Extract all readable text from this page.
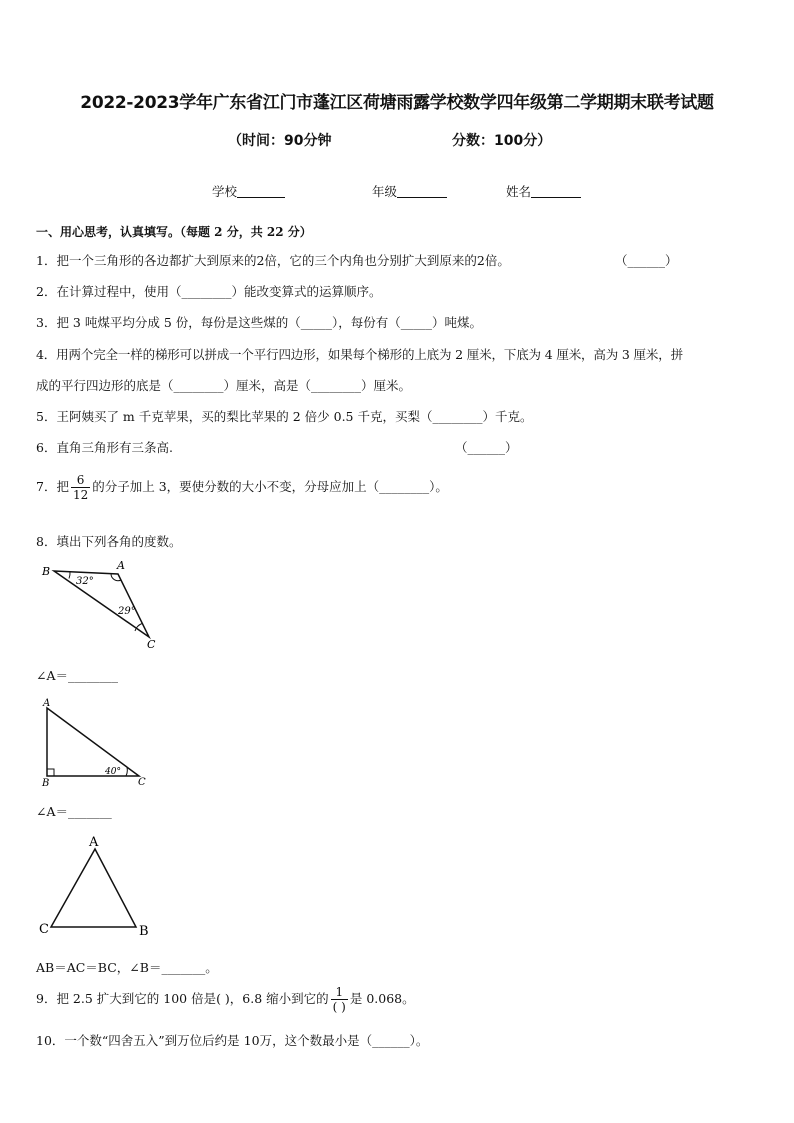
2022-2023学年广东省江门市蓬江区荷塘雨露学校数学四年级第二学期期末联考试题
（时间：90分钟	分数：100分）
学校	年级	姓名
一、用心思考，认真填写。（每题 2 分，共 22 分）
1．把一个三角形的各边都扩大到原来的2倍，它的三个内角也分别扩大到原来的2倍。	（______）
2．在计算过程中，使用（________）能改变算式的运算顺序。
3．把 3 吨煤平均分成 5 份，每份是这些煤的（_____），每份有（_____）吨煤。
4．用两个完全一样的梯形可以拼成一个平行四边形，如果每个梯形的上底为 2 厘米，下底为 4 厘米，高为 3 厘米，拼
成的平行四边形的底是（________）厘米，高是（________）厘米。
5．王阿姨买了 m 千克苹果，买的梨比苹果的 2 倍少 0.5 千克，买梨（________）千克。
6．直角三角形有三条高.	（______）
7．把 $\frac{6}{12}$ 的分子加上 3，要使分数的大小不变，分母应加上（________）。
8．填出下列各角的度数。
B	A
C
32°
29°
∠A＝________
A
B	C
40°
∠A＝_______
A
C	B
AB＝AC＝BC，∠B＝_______。
9．把 2.5 扩大到它的 100 倍是( )，6.8 缩小到它的 $\frac{1}{( )}$ 是 0.068。
10．一个数“四舍五入”到万位后约是 10万，这个数最小是（______）。
